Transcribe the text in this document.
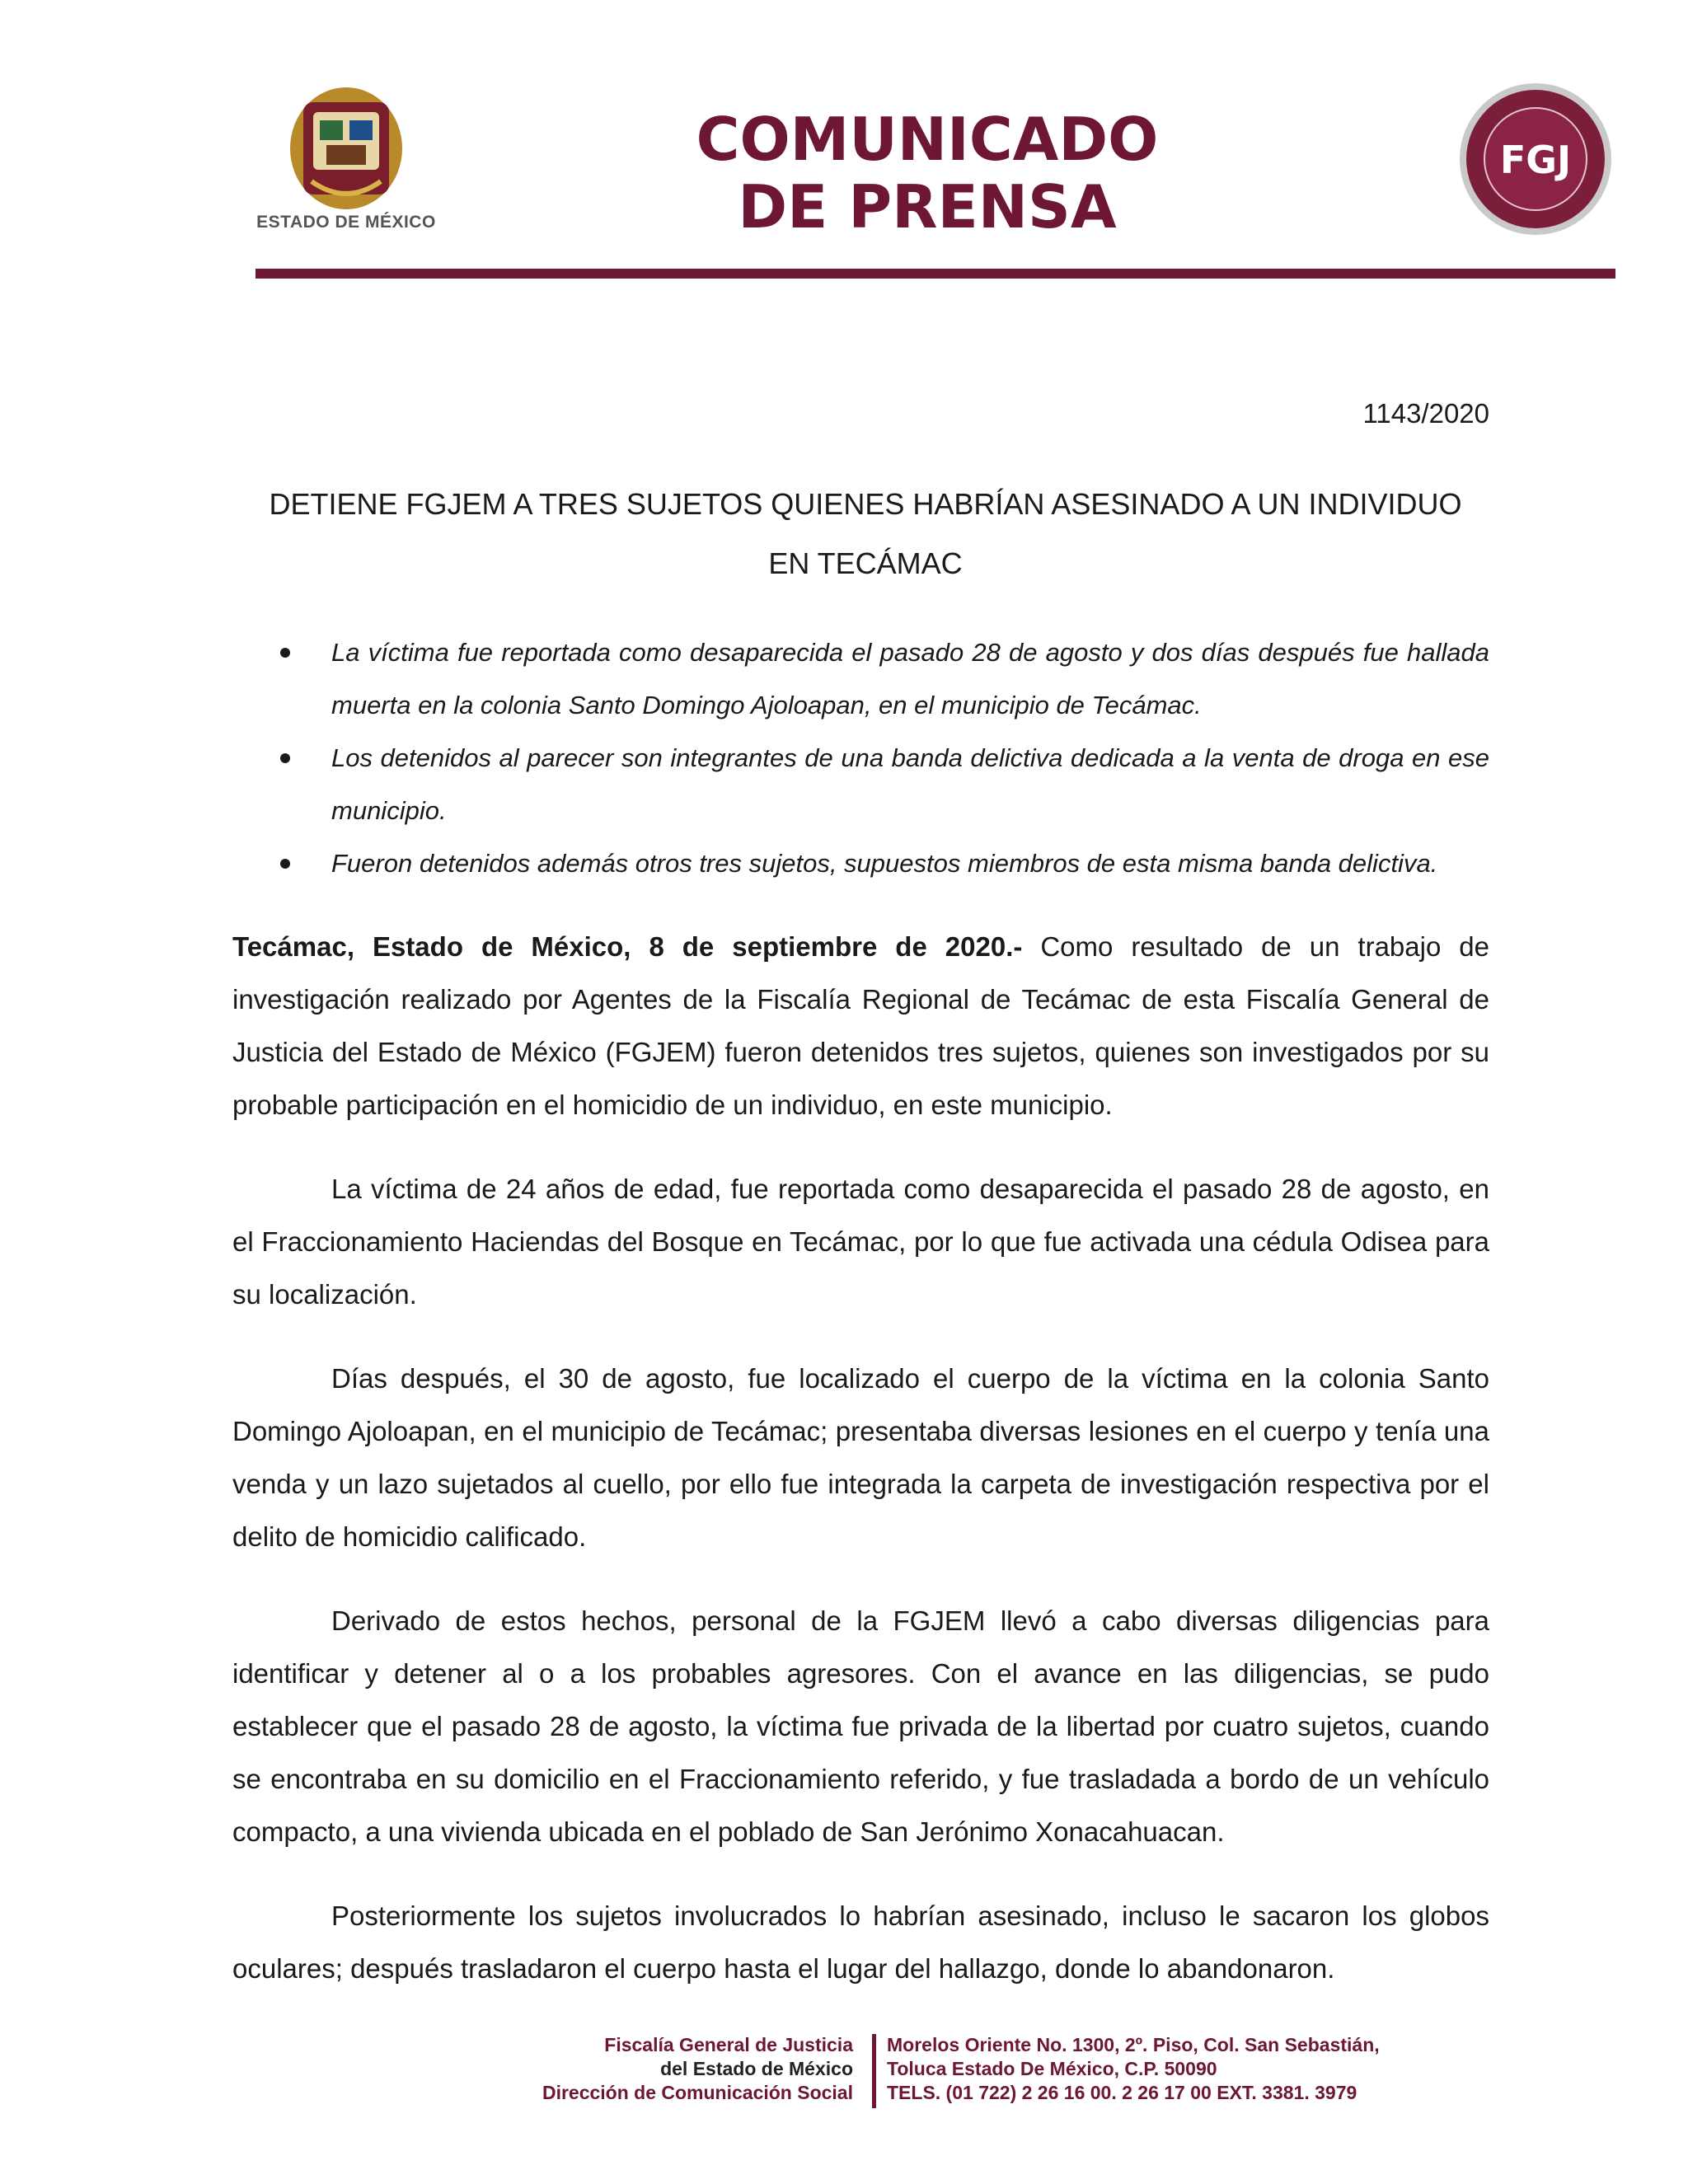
ESTADO DE MÉXICO
COMUNICADO
DE PRENSA
FGJ
1143/2020
DETIENE FGJEM A TRES SUJETOS QUIENES HABRÍAN ASESINADO A UN INDIVIDUO
EN TECÁMAC
La víctima fue reportada como desaparecida el pasado 28 de agosto y dos días después fue hallada muerta en la colonia Santo Domingo Ajoloapan, en el municipio de Tecámac.
Los detenidos al parecer son integrantes de una banda delictiva dedicada a la venta de droga en ese municipio.
Fueron detenidos además otros tres sujetos, supuestos miembros de esta misma banda delictiva.

Tecámac, Estado de México, 8 de septiembre de 2020.- Como resultado de un trabajo de investigación realizado por Agentes de la Fiscalía Regional de Tecámac de esta Fiscalía General de Justicia del Estado de México (FGJEM) fueron detenidos tres sujetos, quienes son investigados por su probable participación en el homicidio de un individuo, en este municipio.

La víctima de 24 años de edad, fue reportada como desaparecida el pasado 28 de agosto, en el Fraccionamiento Haciendas del Bosque en Tecámac, por lo que fue activada una cédula Odisea para su localización.

Días después, el 30 de agosto, fue localizado el cuerpo de la víctima en la colonia Santo Domingo Ajoloapan, en el municipio de Tecámac; presentaba diversas lesiones en el cuerpo y tenía una venda y un lazo sujetados al cuello, por ello fue integrada la carpeta de investigación respectiva por el delito de homicidio calificado.

Derivado de estos hechos, personal de la FGJEM llevó a cabo diversas diligencias para identificar y detener al o a los probables agresores. Con el avance en las diligencias, se pudo establecer que el pasado 28 de agosto, la víctima fue privada de la libertad por cuatro sujetos, cuando se encontraba en su domicilio en el Fraccionamiento referido, y fue trasladada a bordo de un vehículo compacto, a una vivienda ubicada en el poblado de San Jerónimo Xonacahuacan.

Posteriormente los sujetos involucrados lo habrían asesinado, incluso le sacaron los globos oculares; después trasladaron el cuerpo hasta el lugar del hallazgo, donde lo abandonaron.

Fiscalía General de Justicia
del Estado de México
Dirección de Comunicación Social
Morelos Oriente No. 1300, 2º. Piso, Col. San Sebastián,
Toluca Estado De México, C.P. 50090
TELS. (01 722) 2 26 16 00. 2 26 17 00 EXT. 3381. 3979
